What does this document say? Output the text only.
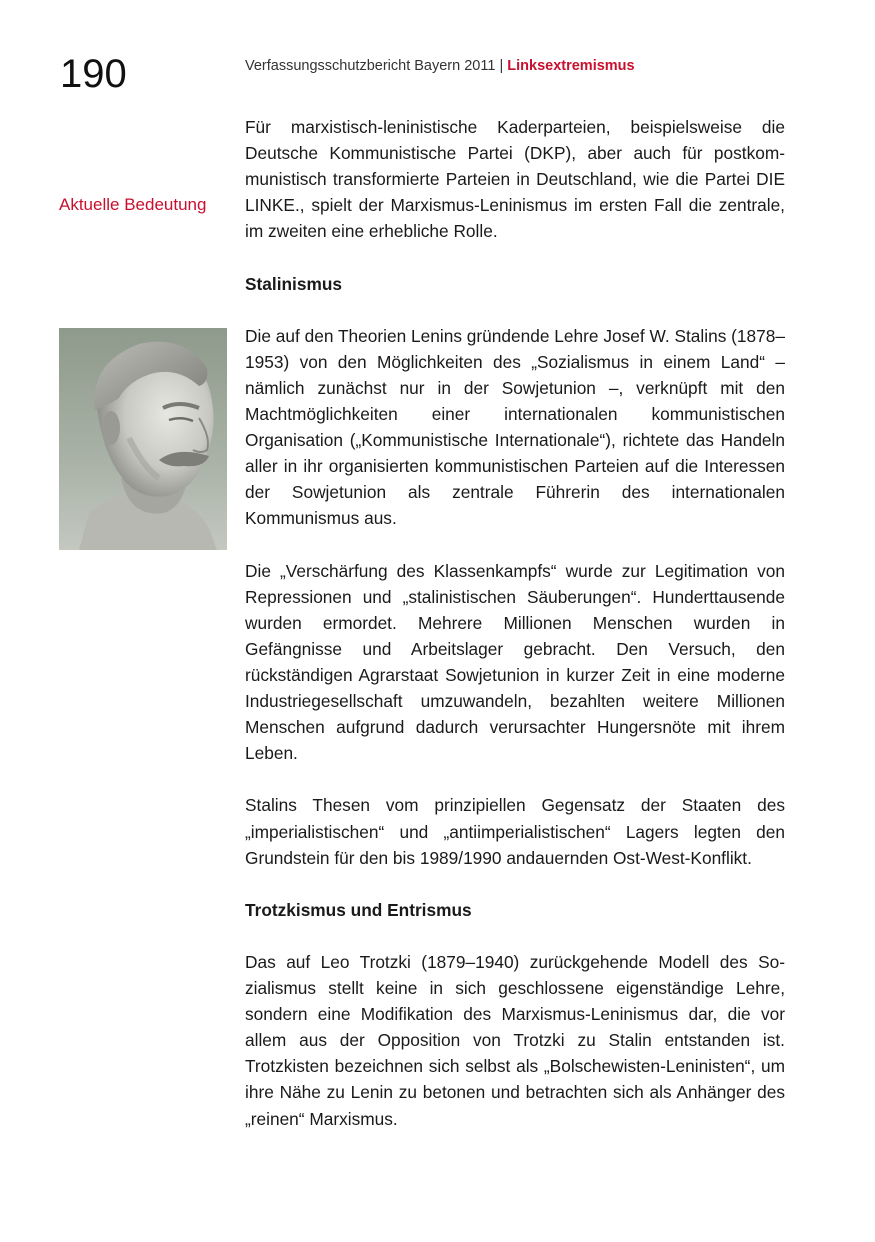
190	Verfassungsschutzbericht Bayern 2011 | Linksextremismus
Aktuelle Bedeutung

Für marxistisch-leninistische Kaderparteien, beispielsweise die Deutsche Kommunistische Partei (DKP), aber auch für postkommunistisch transformierte Parteien in Deutschland, wie die Partei DIE LINKE., spielt der Marxismus-Leninismus im ersten Fall die zentrale, im zweiten eine erhebliche Rolle.

Stalinismus

Die auf den Theorien Lenins gründende Lehre Josef W. Stalins (1878–1953) von den Möglichkeiten des „Sozialismus in einem Land“ – nämlich zunächst nur in der Sowjetunion –, verknüpft mit den Machtmöglichkeiten einer internationalen kommunistischen Organisation („Kommunistische Internationale“), richtete das Handeln aller in ihr organisierten kommunistischen Parteien auf die Interessen der Sowjetunion als zentrale Führerin des internationalen Kommunismus aus.

Die „Verschärfung des Klassenkampfs“ wurde zur Legitimation von Repressionen und „stalinistischen Säuberungen“. Hunderttausende wurden ermordet. Mehrere Millionen Menschen wurden in Gefängnisse und Arbeitslager gebracht. Den Versuch, den rückständigen Agrarstaat Sowjetunion in kurzer Zeit in eine moderne Industriegesellschaft umzuwandeln, bezahlten weitere Millionen Menschen aufgrund dadurch verursachter Hungersnöte mit ihrem Leben.

Stalins Thesen vom prinzipiellen Gegensatz der Staaten des „imperialistischen“ und „antiimperialistischen“ Lagers legten den Grundstein für den bis 1989/1990 andauernden Ost-West-Konflikt.

Trotzkismus und Entrismus

Das auf Leo Trotzki (1879–1940) zurückgehende Modell des Sozialismus stellt keine in sich geschlossene eigenständige Lehre, sondern eine Modifikation des Marxismus-Leninismus dar, die vor allem aus der Opposition von Trotzki zu Stalin entstanden ist. Trotzkisten bezeichnen sich selbst als „Bolschewisten-Leninisten“, um ihre Nähe zu Lenin zu betonen und betrachten sich als Anhänger des „reinen“ Marxismus.
